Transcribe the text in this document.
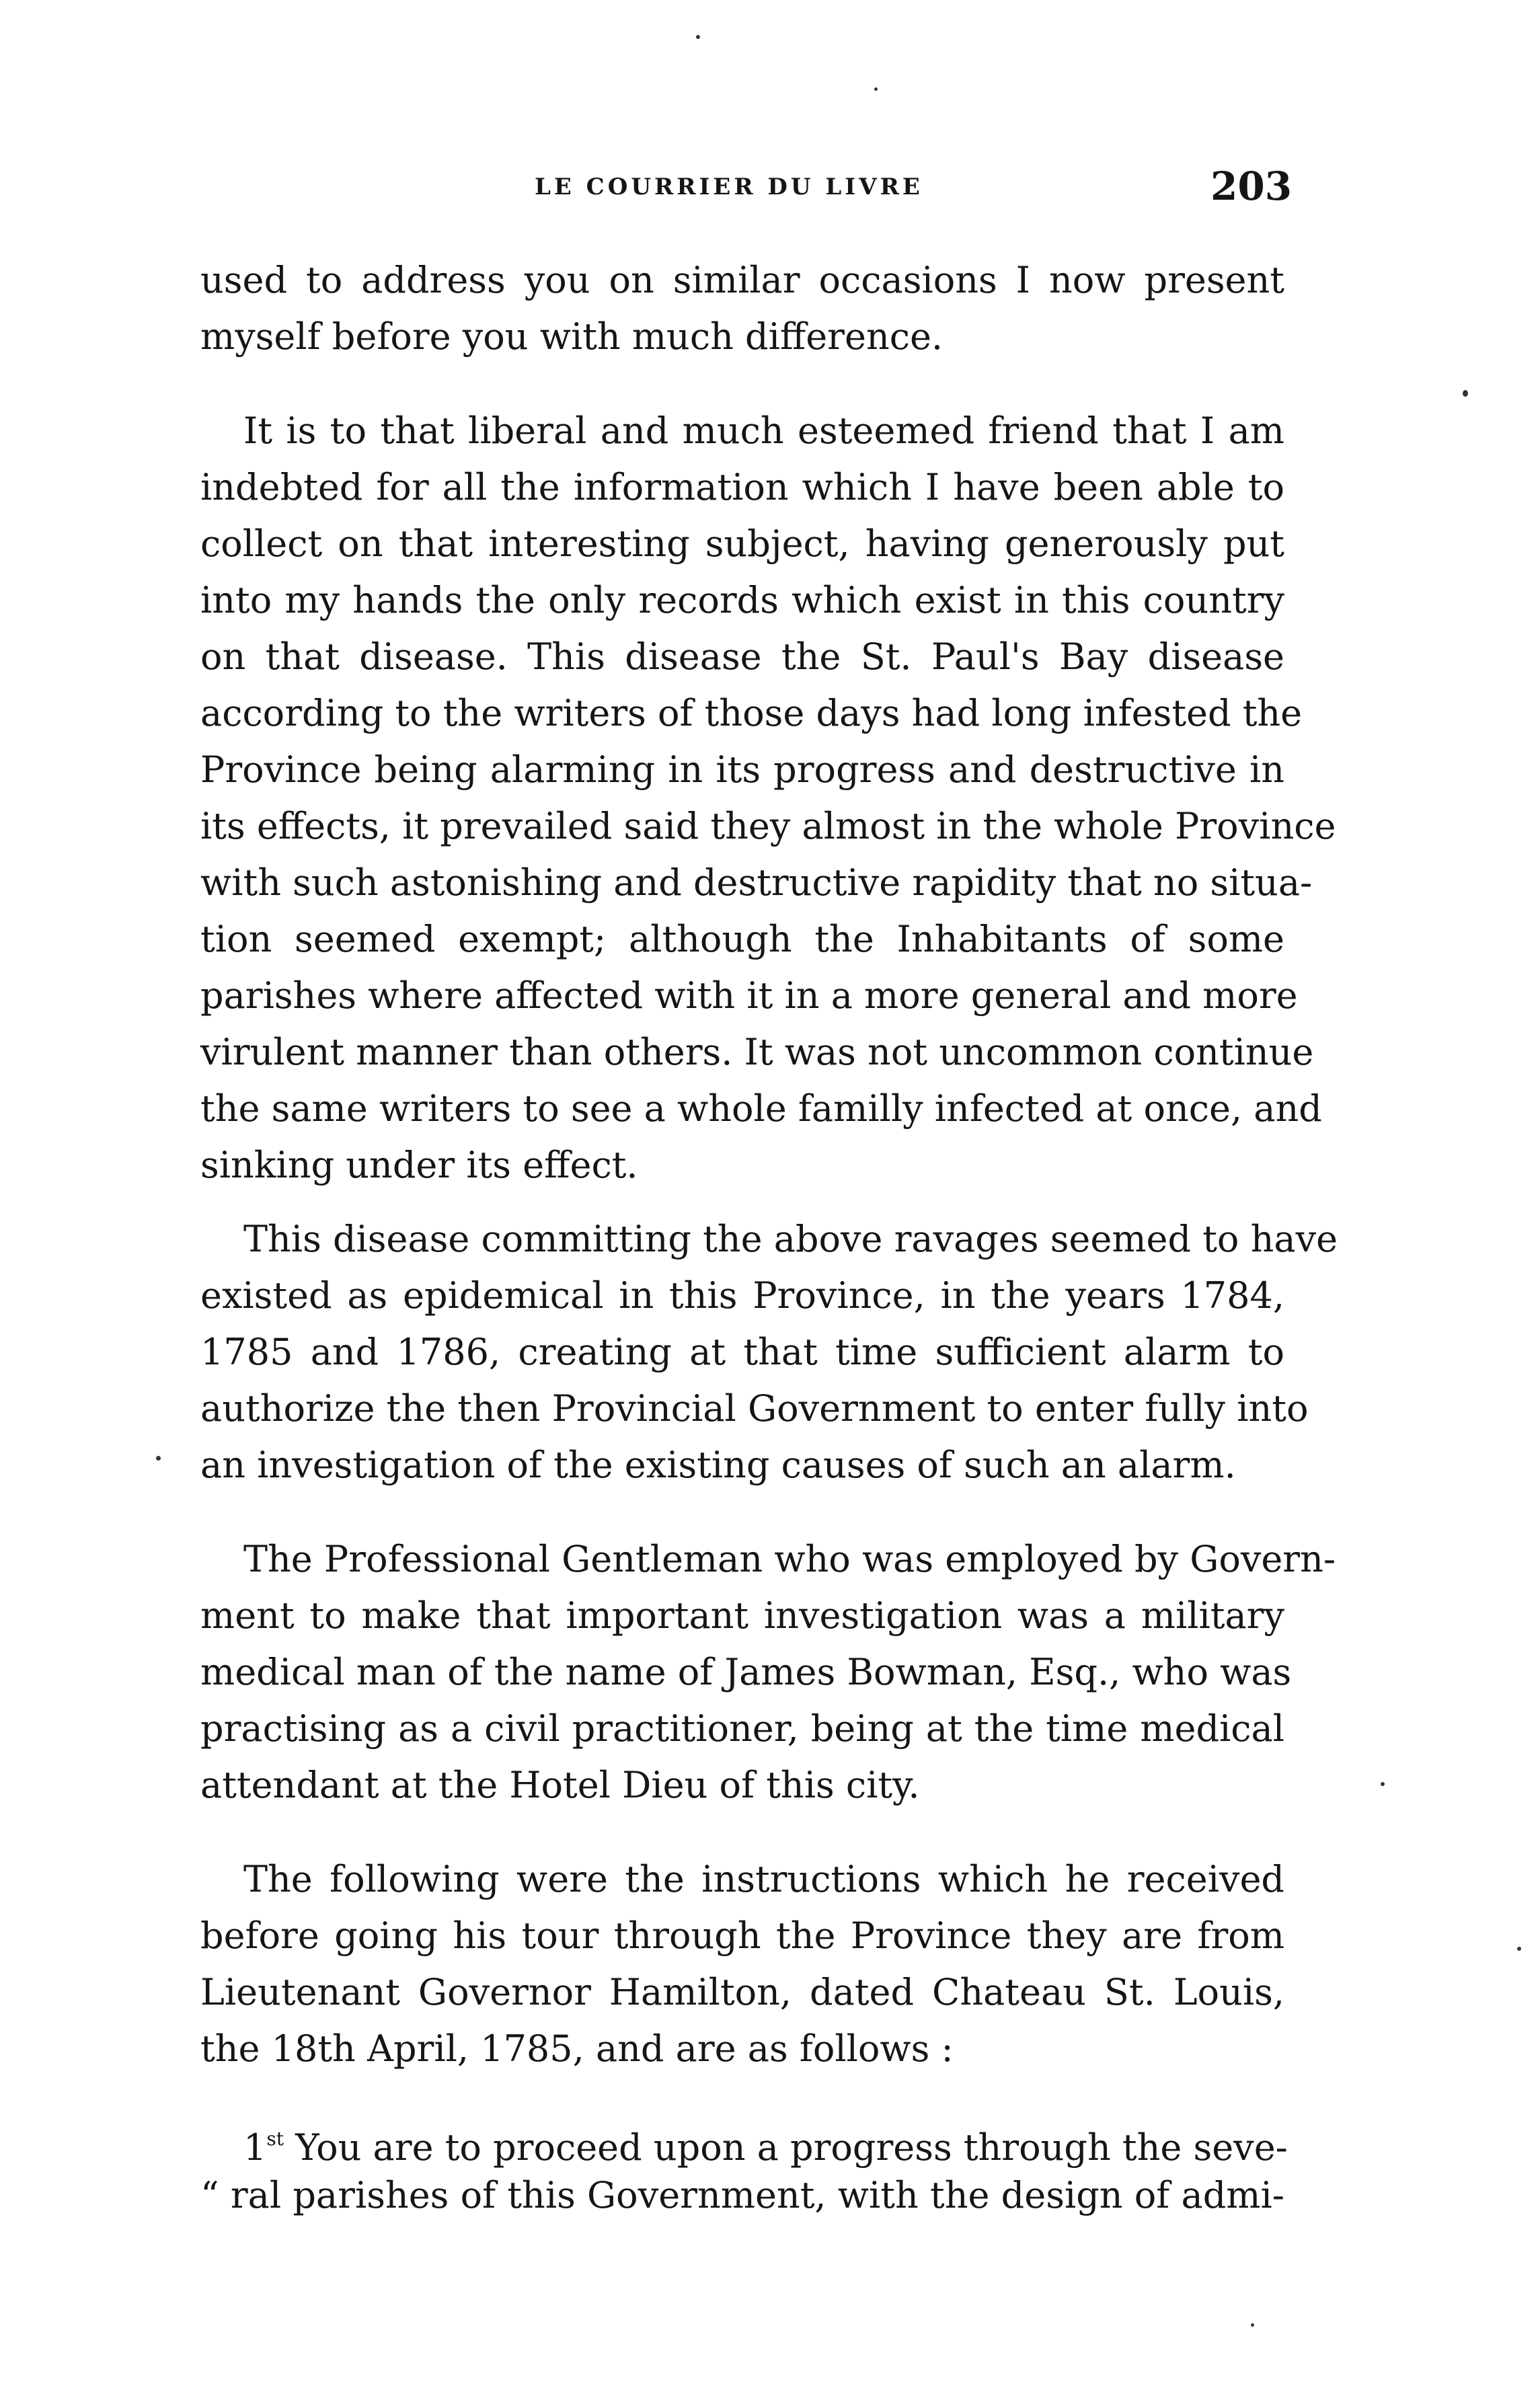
LE COURRIER DU LIVRE	203
used to address you on similar occasions I now present
myself before you with much difference.
It is to that liberal and much esteemed friend that I am
indebted for all the information which I have been able to
collect on that interesting subject, having generously put
into my hands the only records which exist in this country
on that disease. This disease the St. Paul's Bay disease
according to the writers of those days had long infested the
Province being alarming in its progress and destructive in
its effects, it prevailed said they almost in the whole Province
with such astonishing and destructive rapidity that no situa-
tion seemed exempt; although the Inhabitants of some
parishes where affected with it in a more general and more
virulent manner than others. It was not uncommon continue
the same writers to see a whole familly infected at once, and
sinking under its effect.
This disease committing the above ravages seemed to have
existed as epidemical in this Province, in the years 1784,
1785 and 1786, creating at that time sufficient alarm to
authorize the then Provincial Government to enter fully into
an investigation of the existing causes of such an alarm.
The Professional Gentleman who was employed by Govern-
ment to make that important investigation was a military
medical man of the name of James Bowman, Esq., who was
practising as a civil practitioner, being at the time medical
attendant at the Hotel Dieu of this city.
The following were the instructions which he received
before going his tour through the Province they are from
Lieutenant Governor Hamilton, dated Chateau St. Louis,
the 18th April, 1785, and are as follows :
1st You are to proceed upon a progress through the seve-
“ ral parishes of this Government, with the design of admi-
